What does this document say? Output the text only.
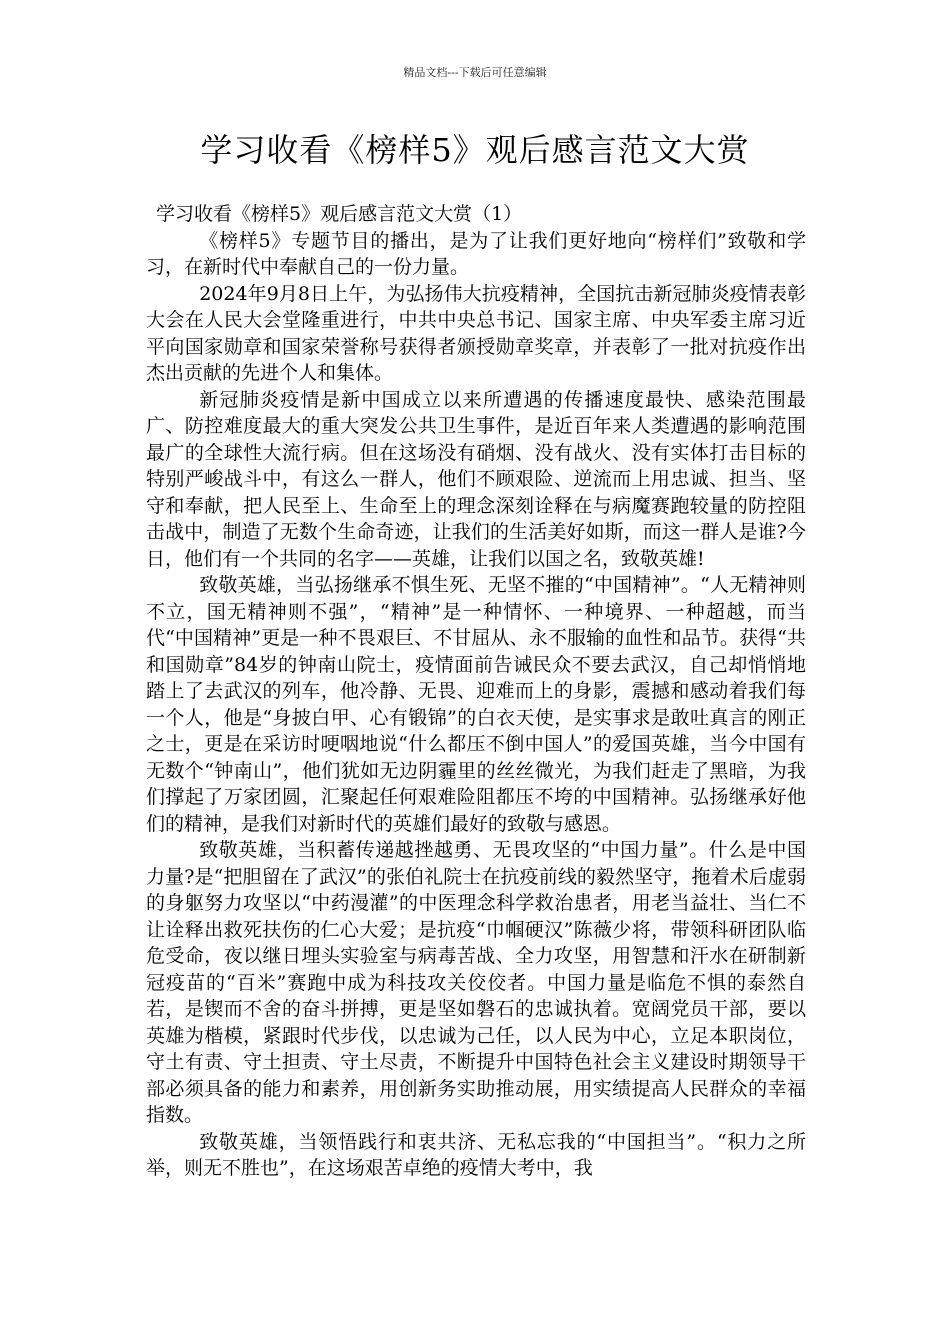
精品文档---下载后可任意编辑
学习收看《榜样5》观后感言范文大赏
学习收看《榜样5》观后感言范文大赏（1）

《榜样5》专题节目的播出，是为了让我们更好地向“榜样们”致敬和学习，在新时代中奉献自己的一份力量。

2024年9月8日上午，为弘扬伟大抗疫精神，全国抗击新冠肺炎疫情表彰大会在人民大会堂隆重进行，中共中央总书记、国家主席、中央军委主席习近平向国家勋章和国家荣誉称号获得者颁授勋章奖章，并表彰了一批对抗疫作出杰出贡献的先进个人和集体。

新冠肺炎疫情是新中国成立以来所遭遇的传播速度最快、感染范围最广、防控难度最大的重大突发公共卫生事件，是近百年来人类遭遇的影响范围最广的全球性大流行病。但在这场没有硝烟、没有战火、没有实体打击目标的特别严峻战斗中，有这么一群人，他们不顾艰险、逆流而上用忠诚、担当、坚守和奉献，把人民至上、生命至上的理念深刻诠释在与病魔赛跑较量的防控阻击战中，制造了无数个生命奇迹，让我们的生活美好如斯，而这一群人是谁?今日，他们有一个共同的名字——英雄，让我们以国之名，致敬英雄!

致敬英雄，当弘扬继承不惧生死、无坚不摧的“中国精神”。“人无精神则不立，国无精神则不强”，“精神”是一种情怀、一种境界、一种超越，而当代“中国精神”更是一种不畏艰巨、不甘屈从、永不服输的血性和品节。获得“共和国勋章”84岁的钟南山院士，疫情面前告诫民众不要去武汉，自己却悄悄地踏上了去武汉的列车，他冷静、无畏、迎难而上的身影，震撼和感动着我们每一个人，他是“身披白甲、心有锻锦”的白衣天使，是实事求是敢吐真言的刚正之士，更是在采访时哽咽地说“什么都压不倒中国人”的爱国英雄，当今中国有无数个“钟南山”，他们犹如无边阴霾里的丝丝微光，为我们赶走了黑暗，为我们撑起了万家团圆，汇聚起任何艰难险阻都压不垮的中国精神。弘扬继承好他们的精神，是我们对新时代的英雄们最好的致敬与感恩。

致敬英雄，当积蓄传递越挫越勇、无畏攻坚的“中国力量”。什么是中国力量?是“把胆留在了武汉”的张伯礼院士在抗疫前线的毅然坚守，拖着术后虚弱的身躯努力攻坚以“中药漫灌”的中医理念科学救治患者，用老当益壮、当仁不让诠释出救死扶伤的仁心大爱；是抗疫“巾帼硬汉”陈薇少将，带领科研团队临危受命，夜以继日埋头实验室与病毒苦战、全力攻坚，用智慧和汗水在研制新冠疫苗的“百米”赛跑中成为科技攻关佼佼者。中国力量是临危不惧的泰然自若，是锲而不舍的奋斗拼搏，更是坚如磐石的忠诚执着。宽阔党员干部，要以英雄为楷模，紧跟时代步伐，以忠诚为己任，以人民为中心，立足本职岗位，守土有责、守土担责、守土尽责，不断提升中国特色社会主义建设时期领导干部必须具备的能力和素养，用创新务实助推动展，用实绩提高人民群众的幸福指数。

致敬英雄，当领悟践行和衷共济、无私忘我的“中国担当”。“积力之所举，则无不胜也”，在这场艰苦卓绝的疫情大考中，我
